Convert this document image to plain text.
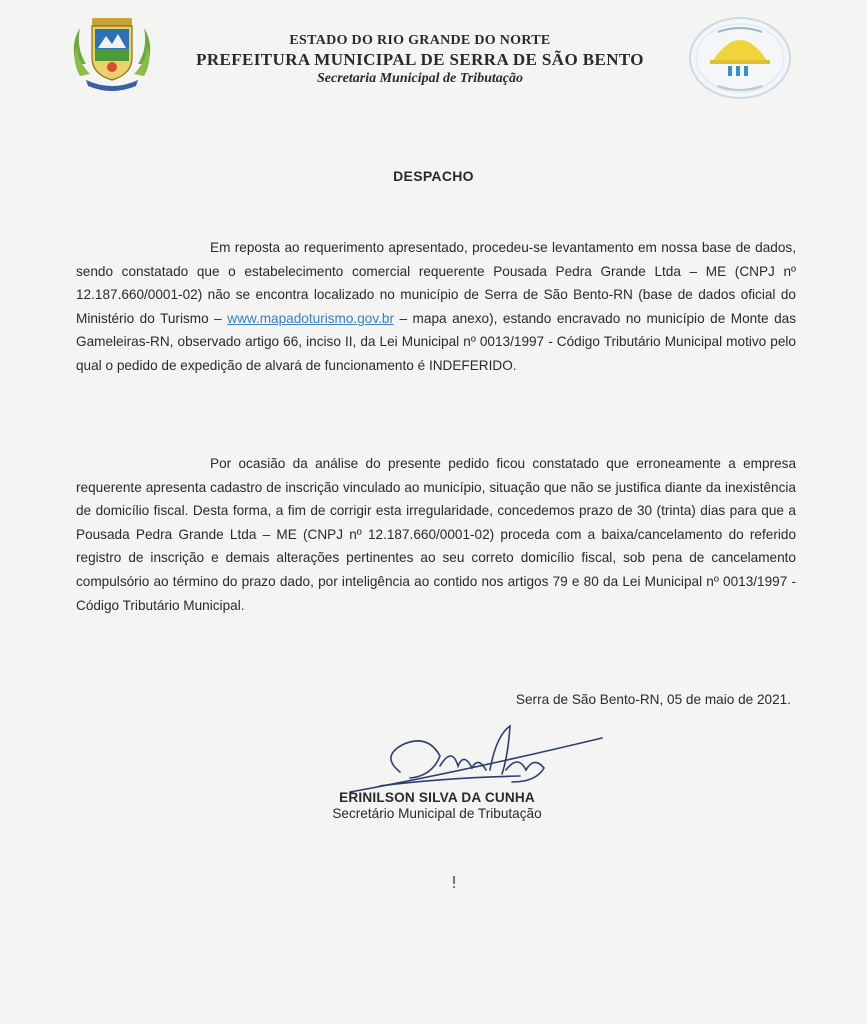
ESTADO DO RIO GRANDE DO NORTE
PREFEITURA MUNICIPAL DE SERRA DE SÃO BENTO
Secretaria Municipal de Tributação
DESPACHO

Em reposta ao requerimento apresentado, procedeu-se levantamento em nossa base de dados, sendo constatado que o estabelecimento comercial requerente Pousada Pedra Grande Ltda – ME (CNPJ nº 12.187.660/0001-02) não se encontra localizado no município de Serra de São Bento-RN (base de dados oficial do Ministério do Turismo – www.mapadoturismo.gov.br – mapa anexo), estando encravado no município de Monte das Gameleiras-RN, observado artigo 66, inciso II, da Lei Municipal nº 0013/1997 - Código Tributário Municipal motivo pelo qual o pedido de expedição de alvará de funcionamento é INDEFERIDO.

Por ocasião da análise do presente pedido ficou constatado que erroneamente a empresa requerente apresenta cadastro de inscrição vinculado ao município, situação que não se justifica diante da inexistência de domicílio fiscal. Desta forma, a fim de corrigir esta irregularidade, concedemos prazo de 30 (trinta) dias para que a Pousada Pedra Grande Ltda – ME (CNPJ nº 12.187.660/0001-02) proceda com a baixa/cancelamento do referido registro de inscrição e demais alterações pertinentes ao seu correto domicílio fiscal, sob pena de cancelamento compulsório ao término do prazo dado, por inteligência ao contido nos artigos 79 e 80 da Lei Municipal nº 0013/1997 - Código Tributário Municipal.

Serra de São Bento-RN, 05 de maio de 2021.
ERINILSON SILVA DA CUNHA
Secretário Municipal de Tributação
